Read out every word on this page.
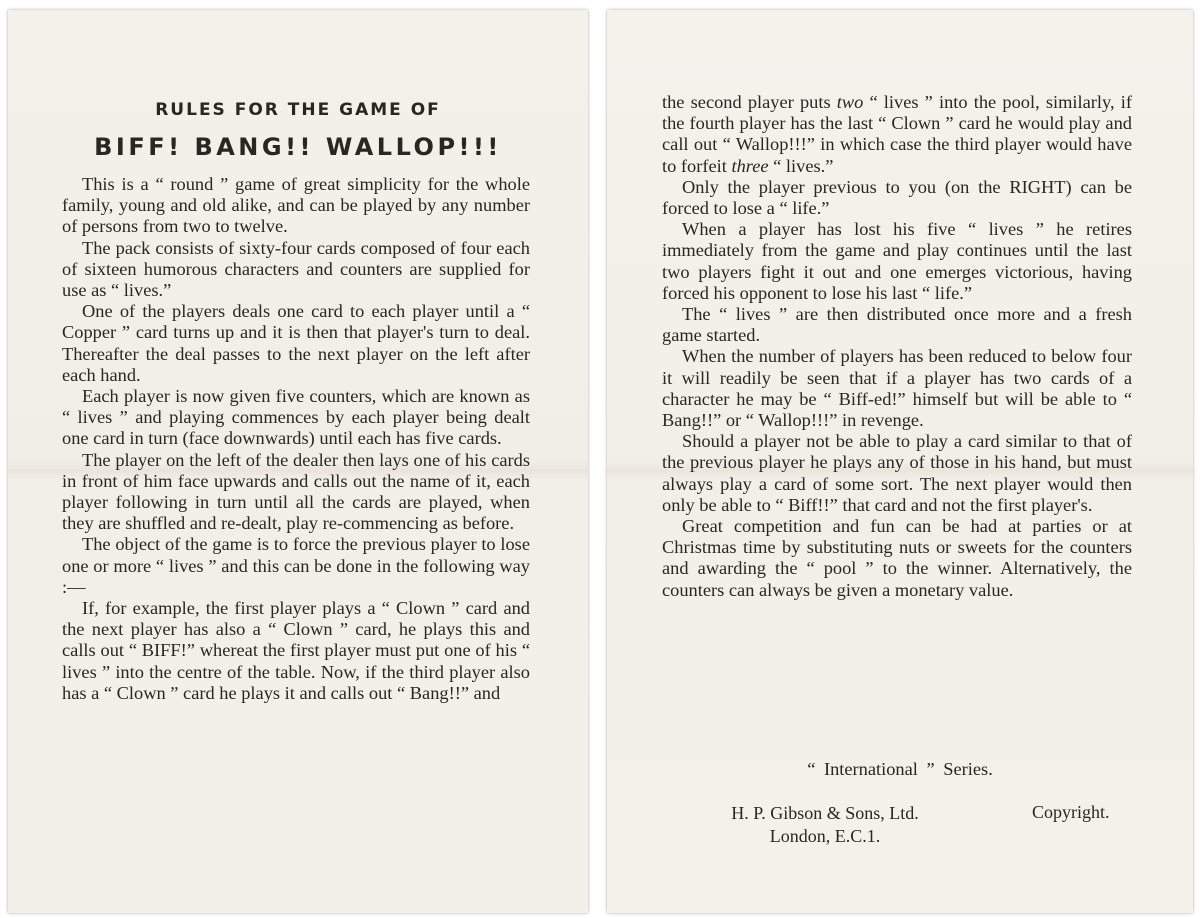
RULES FOR THE GAME OF
BIFF! BANG!! WALLOP!!!

This is a “ round ” game of great simplicity for the whole family, young and old alike, and can be played by any number of persons from two to twelve.

The pack consists of sixty-four cards composed of four each of sixteen humorous characters and counters are supplied for use as “ lives.”

One of the players deals one card to each player until a “ Copper ” card turns up and it is then that player's turn to deal. Thereafter the deal passes to the next player on the left after each hand.

Each player is now given five counters, which are known as “ lives ” and playing commences by each player being dealt one card in turn (face downwards) until each has five cards.

The player on the left of the dealer then lays one of his cards in front of him face upwards and calls out the name of it, each player following in turn until all the cards are played, when they are shuffled and re-dealt, play re-commencing as before.

The object of the game is to force the previous player to lose one or more “ lives ” and this can be done in the following way :—

If, for example, the first player plays a “ Clown ” card and the next player has also a “ Clown ” card, he plays this and calls out “ BIFF!” whereat the first player must put one of his “ lives ” into the centre of the table. Now, if the third player also has a “ Clown ” card he plays it and calls out “ Bang!!” and

the second player puts two “ lives ” into the pool, similarly, if the fourth player has the last “ Clown ” card he would play and call out “ Wallop!!!” in which case the third player would have to forfeit three “ lives.”

Only the player previous to you (on the RIGHT) can be forced to lose a “ life.”

When a player has lost his five “ lives ” he retires immediately from the game and play continues until the last two players fight it out and one emerges victorious, having forced his opponent to lose his last “ life.”

The “ lives ” are then distributed once more and a fresh game started.

When the number of players has been reduced to below four it will readily be seen that if a player has two cards of a character he may be “ Biff-ed!” himself but will be able to “ Bang!!” or “ Wallop!!!” in revenge.

Should a player not be able to play a card similar to that of the previous player he plays any of those in his hand, but must always play a card of some sort. The next player would then only be able to “ Biff!!” that card and not the first player's.

Great competition and fun can be had at parties or at Christmas time by substituting nuts or sweets for the counters and awarding the “ pool ” to the winner. Alternatively, the counters can always be given a monetary value.

“ International ” Series.
H. P. Gibson & Sons, Ltd.
London, E.C.1.
Copyright.
